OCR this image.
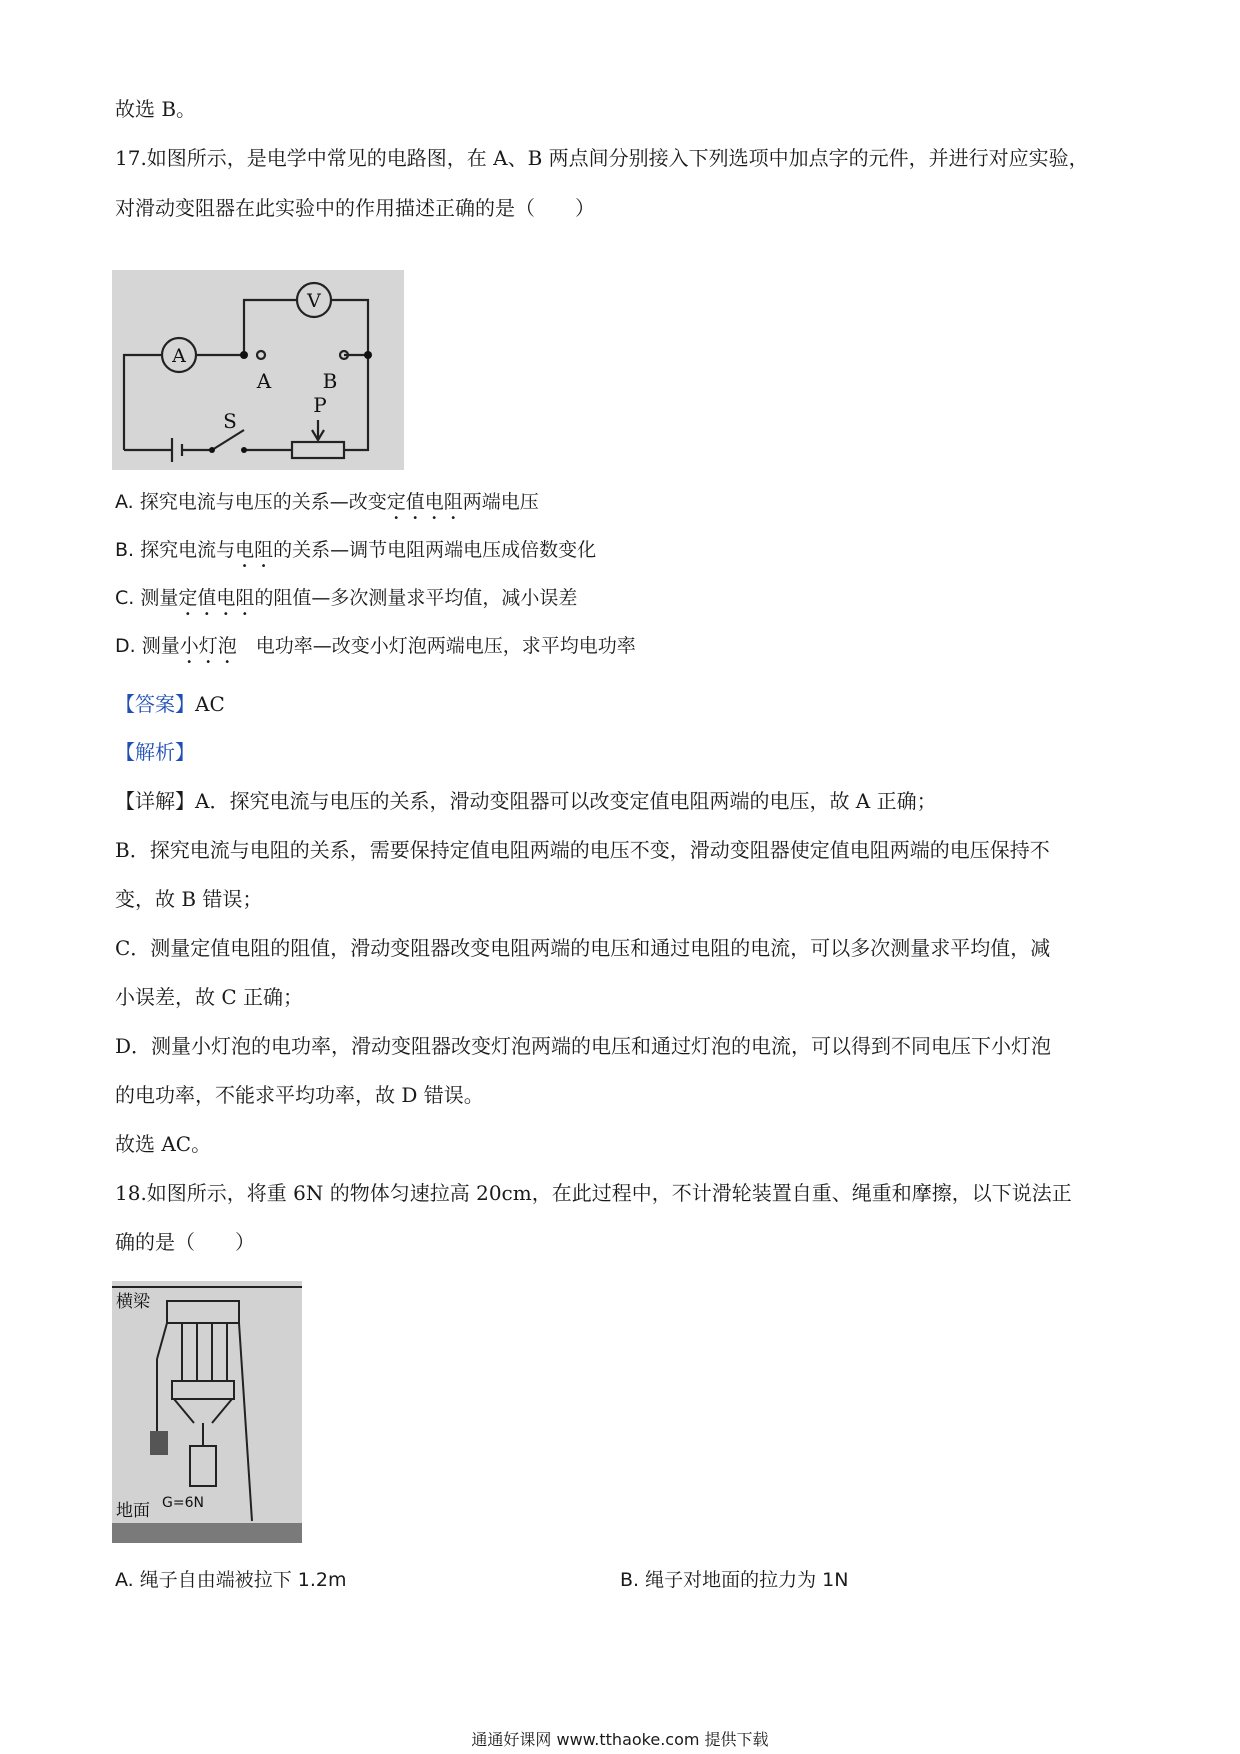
故选 B。
17.如图所示，是电学中常见的电路图，在 A、B 两点间分别接入下列选项中加点字的元件，并进行对应实验，
对滑动变阻器在此实验中的作用描述正确的是（　　）
A
V
A	B
S
P
A. 探究电流与电压的关系—改变定值电阻两端电压
B. 探究电流与电阻的关系—调节电阻两端电压成倍数变化
C. 测量定值电阻的阻值—多次测量求平均值，减小误差
D. 测量小灯泡　电功率—改变小灯泡两端电压，求平均电功率
【答案】AC
【解析】
【详解】A．探究电流与电压的关系，滑动变阻器可以改变定值电阻两端的电压，故 A 正确；
B．探究电流与电阻的关系，需要保持定值电阻两端的电压不变，滑动变阻器使定值电阻两端的电压保持不
变，故 B 错误；
C．测量定值电阻的阻值，滑动变阻器改变电阻两端的电压和通过电阻的电流，可以多次测量求平均值，减
小误差，故 C 正确；
D．测量小灯泡的电功率，滑动变阻器改变灯泡两端的电压和通过灯泡的电流，可以得到不同电压下小灯泡
的电功率，不能求平均功率，故 D 错误。
故选 AC。
18.如图所示，将重 6N 的物体匀速拉高 20cm，在此过程中，不计滑轮装置自重、绳重和摩擦，以下说法正
确的是（　　）
横梁
地面 G=6N
A. 绳子自由端被拉下 1.2m	B. 绳子对地面的拉力为 1N
通通好课网 www.tthaoke.com 提供下载
